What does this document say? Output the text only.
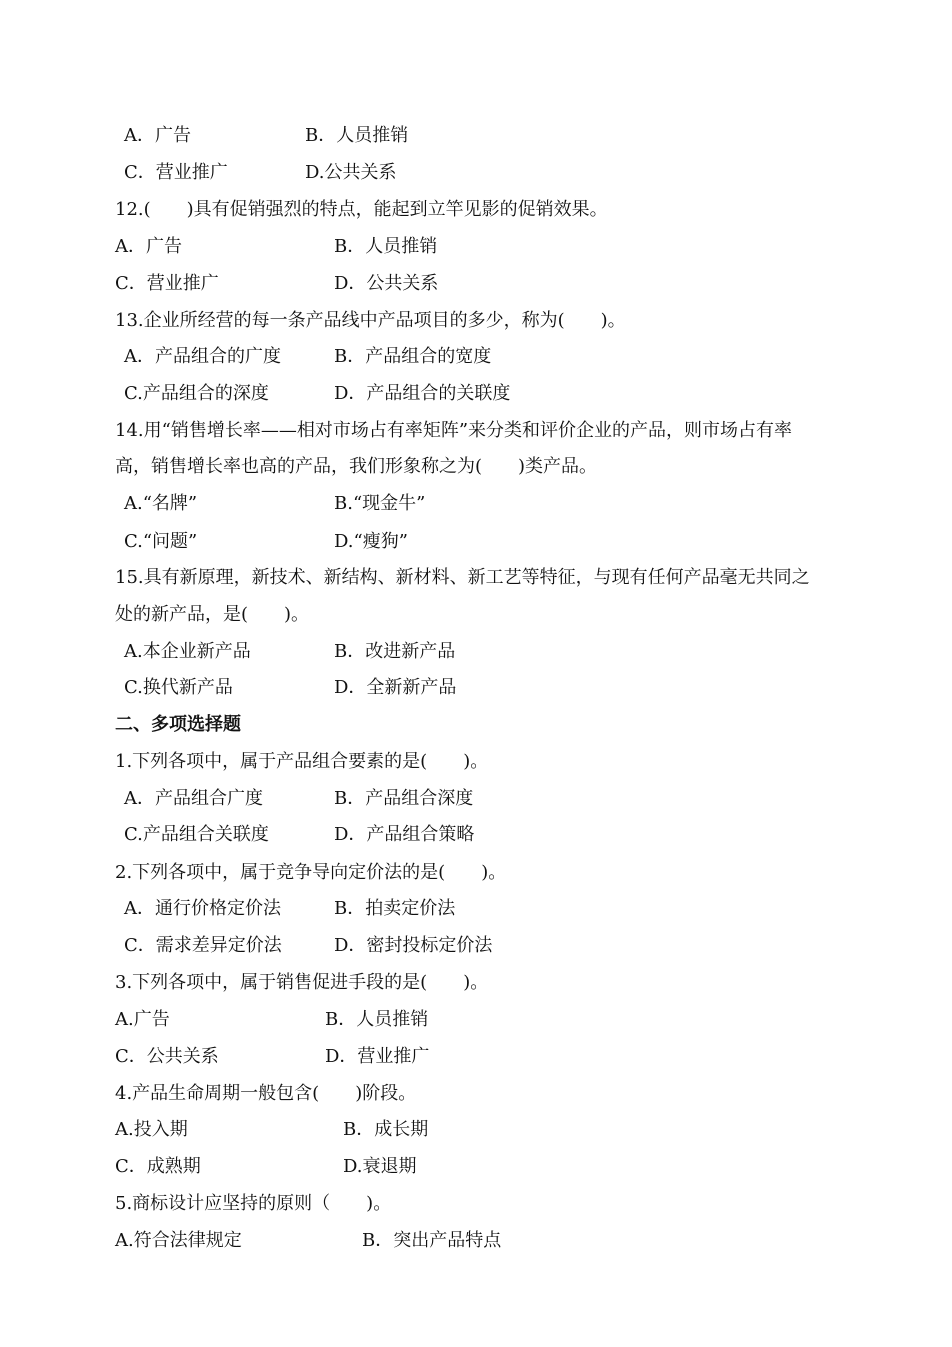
A．广告	B．人员推销
C．营业推广	D.公共关系
12.(　　)具有促销强烈的特点，能起到立竿见影的促销效果。
A．广告	B．人员推销
C．营业推广	D．公共关系
13.企业所经营的每一条产品线中产品项目的多少，称为(　　)。
A．产品组合的广度	B．产品组合的宽度
C.产品组合的深度	D．产品组合的关联度
14.用“销售增长率——相对市场占有率矩阵”来分类和评价企业的产品，则市场占有率
高，销售增长率也高的产品，我们形象称之为(　　)类产品。
A.“名牌”	B.“现金牛”
C.“问题”	D.“瘦狗”
15.具有新原理，新技术、新结构、新材料、新工艺等特征，与现有任何产品毫无共同之
处的新产品，是(　　)。
A.本企业新产品	B．改进新产品
C.换代新产品	D．全新新产品
二、多项选择题
1.下列各项中，属于产品组合要素的是(　　)。
A．产品组合广度	B．产品组合深度
C.产品组合关联度	D．产品组合策略
2.下列各项中，属于竞争导向定价法的是(　　)。
A．通行价格定价法	B．拍卖定价法
C．需求差异定价法	D．密封投标定价法
3.下列各项中，属于销售促进手段的是(　　)。
A.广告	B．人员推销
C．公共关系	D．营业推广
4.产品生命周期一般包含(　　)阶段。
A.投入期	B．成长期
C．成熟期	D.衰退期
5.商标设计应坚持的原则（　　)。
A.符合法律规定	B．突出产品特点
